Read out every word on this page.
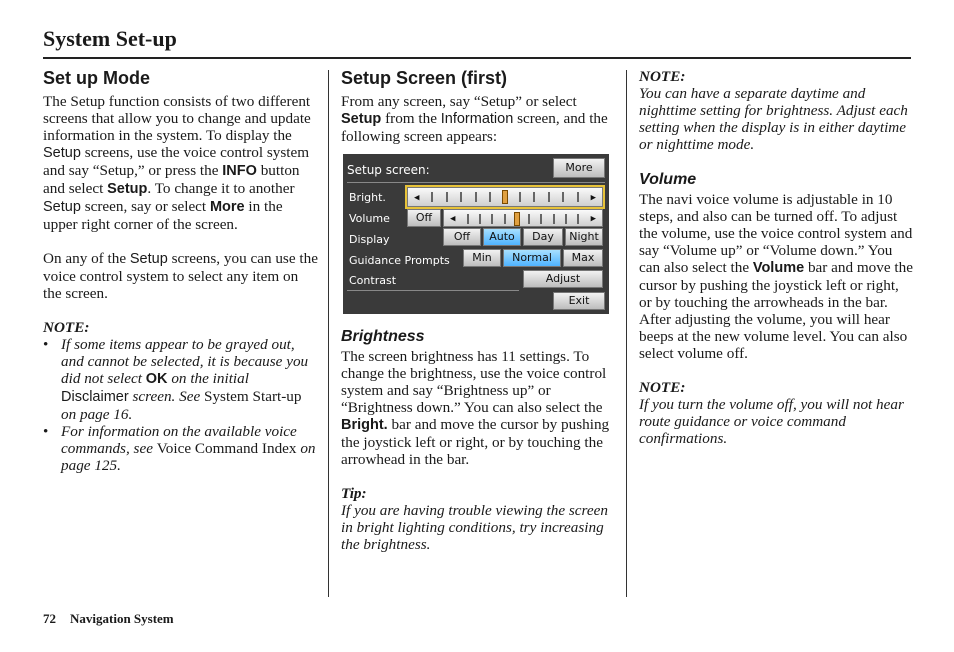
System Set-up
Set up Mode

The Setup function consists of two different screens that allow you to change and update information in the system. To display the Setup screens, use the voice control system and say “Setup,” or press the INFO button and select Setup. To change it to another Setup screen, say or select More in the upper right corner of the screen.

On any of the Setup screens, you can use the voice control system to select any item on the screen.

NOTE:

• If some items appear to be grayed out, and cannot be selected, it is because you did not select OK on the initial Disclaimer screen. See System Start-up on page 16.
• For information on the available voice commands, see Voice Command Index on page 125.
Setup Screen (first)

From any screen, say “Setup” or select Setup from the Information screen, and the following screen appears:

Setup screen:	More
Bright.	◀	▶
Volume	Off	◀	▶
Display	Off	Auto	Day	Night
Guidance Prompts	Min	Normal	Max
Contrast	Adjust
Exit
Brightness

The screen brightness has 11 settings. To change the brightness, use the voice control system and say “Brightness up” or “Brightness down.” You can also select the Bright. bar and move the cursor by pushing the joystick left or right, or by touching the arrowhead in the bar.

Tip:

If you are having trouble viewing the screen in bright lighting conditions, try increasing the brightness.

NOTE:

You can have a separate daytime and nighttime setting for brightness. Adjust each setting when the display is in either daytime or nighttime mode.

Volume

The navi voice volume is adjustable in 10 steps, and also can be turned off. To adjust the volume, use the voice control system and say “Volume up” or “Volume down.” You can also select the Volume bar and move the cursor by pushing the joystick left or right, or by touching the arrowheads in the bar. After adjusting the volume, you will hear beeps at the new volume level. You can also select volume off.

NOTE:

If you turn the volume off, you will not hear route guidance or voice command confirmations.

72 Navigation System
